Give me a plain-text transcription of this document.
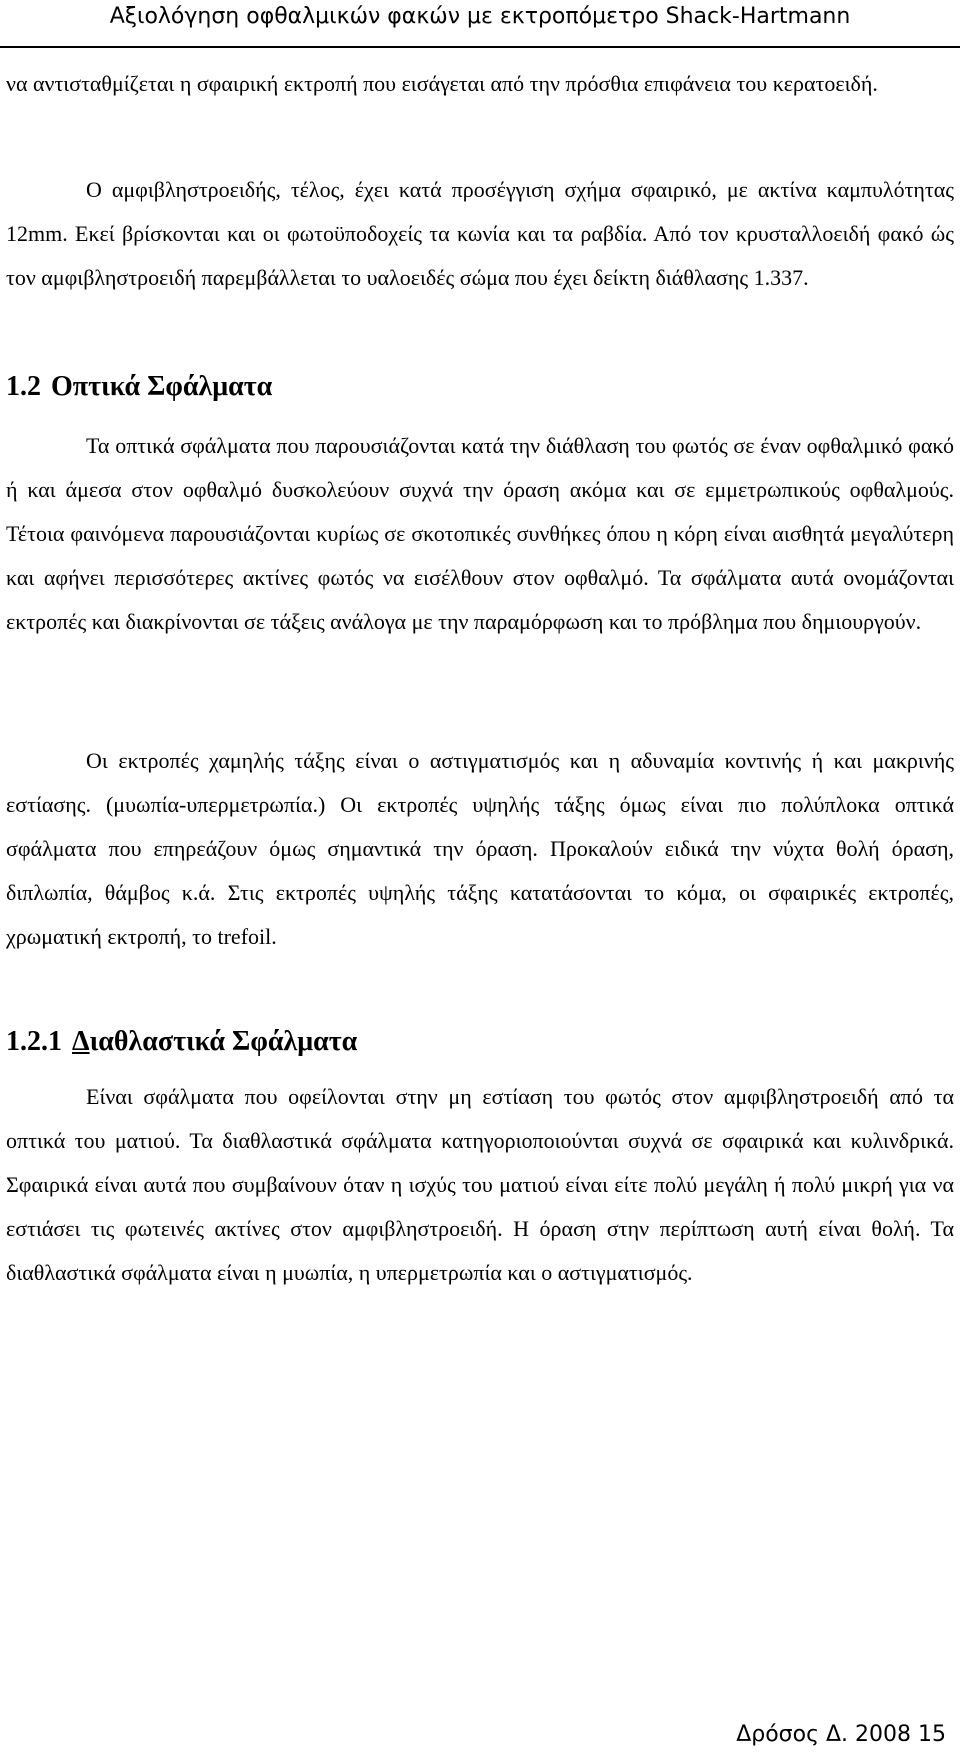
Αξιολόγηση οφθαλμικών φακών με εκτροπόμετρο Shack-Hartmann

να αντισταθμίζεται η σφαιρική εκτροπή που εισάγεται από την πρόσθια επιφάνεια του κερατοειδή.

Ο αμφιβληστροειδής, τέλος, έχει κατά προσέγγιση σχήμα σφαιρικό, με ακτίνα καμπυλότητας 12mm. Εκεί βρίσκονται και οι φωτοϋποδοχείς τα κωνία και τα ραβδία. Από τον κρυσταλλοειδή φακό ώς τον αμφιβληστροειδή παρεμβάλλεται το υαλοειδές σώμα που έχει δείκτη διάθλασης 1.337.

1.2 Οπτικά Σφάλματα

Τα οπτικά σφάλματα που παρουσιάζονται κατά την διάθλαση του φωτός σε έναν οφθαλμικό φακό ή και άμεσα στον οφθαλμό δυσκολεύουν συχνά την όραση ακόμα και σε εμμετρωπικούς οφθαλμούς. Τέτοια φαινόμενα παρουσιάζονται κυρίως σε σκοτοπικές συνθήκες όπου η κόρη είναι αισθητά μεγαλύτερη και αφήνει περισσότερες ακτίνες φωτός να εισέλθουν στον οφθαλμό. Τα σφάλματα αυτά ονομάζονται εκτροπές και διακρίνονται σε τάξεις ανάλογα με την παραμόρφωση και το πρόβλημα που δημιουργούν.

Οι εκτροπές χαμηλής τάξης είναι ο αστιγματισμός και η αδυναμία κοντινής ή και μακρινής εστίασης. (μυωπία-υπερμετρωπία.) Οι εκτροπές υψηλής τάξης όμως είναι πιο πολύπλοκα οπτικά σφάλματα που επηρεάζουν όμως σημαντικά την όραση. Προκαλούν ειδικά την νύχτα θολή όραση, διπλωπία, θάμβος κ.ά. Στις εκτροπές υψηλής τάξης κατατάσονται το κόμα, οι σφαιρικές εκτροπές, χρωματική εκτροπή, το trefoil.

1.2.1 Διαθλαστικά Σφάλματα

Είναι σφάλματα που οφείλονται στην μη εστίαση του φωτός στον αμφιβληστροειδή από τα οπτικά του ματιού. Τα διαθλαστικά σφάλματα κατηγοριοποιούνται συχνά σε σφαιρικά και κυλινδρικά. Σφαιρικά είναι αυτά που συμβαίνουν όταν η ισχύς του ματιού είναι είτε πολύ μεγάλη ή πολύ μικρή για να εστιάσει τις φωτεινές ακτίνες στον αμφιβληστροειδή. Η όραση στην περίπτωση αυτή είναι θολή. Τα διαθλαστικά σφάλματα είναι η μυωπία, η υπερμετρωπία και ο αστιγματισμός.

Δρόσος Δ. 2008 15
